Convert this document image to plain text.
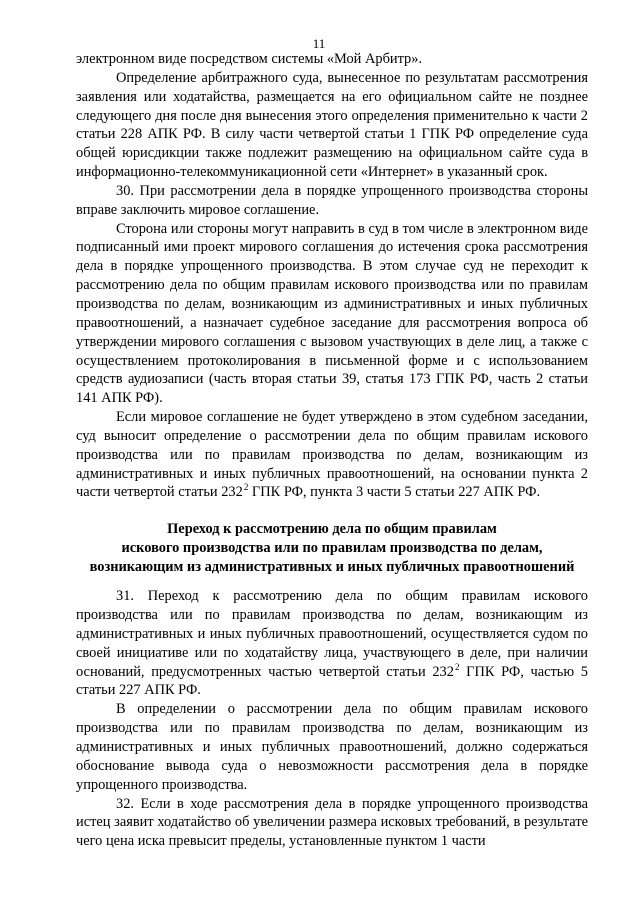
11

электронном виде посредством системы «Мой Арбитр».

Определение арбитражного суда, вынесенное по результатам рассмотрения заявления или ходатайства, размещается на его официальном сайте не позднее следующего дня после дня вынесения этого определения применительно к части 2 статьи 228 АПК РФ. В силу части четвертой статьи 1 ГПК РФ определение суда общей юрисдикции также подлежит размещению на официальном сайте суда в информационно-телекоммуникационной сети «Интернет» в указанный срок.

30. При рассмотрении дела в порядке упрощенного производства стороны вправе заключить мировое соглашение.

Сторона или стороны могут направить в суд в том числе в электронном виде подписанный ими проект мирового соглашения до истечения срока рассмотрения дела в порядке упрощенного производства. В этом случае суд не переходит к рассмотрению дела по общим правилам искового производства или по правилам производства по делам, возникающим из административных и иных публичных правоотношений, а назначает судебное заседание для рассмотрения вопроса об утверждении мирового соглашения с вызовом участвующих в деле лиц, а также с осуществлением протоколирования в письменной форме и с использованием средств аудиозаписи (часть вторая статьи 39, статья 173 ГПК РФ, часть 2 статьи 141 АПК РФ).

Если мировое соглашение не будет утверждено в этом судебном заседании, суд выносит определение о рассмотрении дела по общим правилам искового производства или по правилам производства по делам, возникающим из административных и иных публичных правоотношений, на основании пункта 2 части четвертой статьи $232^2$ ГПК РФ, пункта 3 части 5 статьи 227 АПК РФ.

Переход к рассмотрению дела по общим правилам
искового производства или по правилам производства по делам,
возникающим из административных и иных публичных правоотношений

31. Переход к рассмотрению дела по общим правилам искового производства или по правилам производства по делам, возникающим из административных и иных публичных правоотношений, осуществляется судом по своей инициативе или по ходатайству лица, участвующего в деле, при наличии оснований, предусмотренных частью четвертой статьи $232^2$ ГПК РФ, частью 5 статьи 227 АПК РФ.

В определении о рассмотрении дела по общим правилам искового производства или по правилам производства по делам, возникающим из административных и иных публичных правоотношений, должно содержаться обоснование вывода суда о невозможности рассмотрения дела в порядке упрощенного производства.

32. Если в ходе рассмотрения дела в порядке упрощенного производства истец заявит ходатайство об увеличении размера исковых требований, в результате чего цена иска превысит пределы, установленные пунктом 1 части
